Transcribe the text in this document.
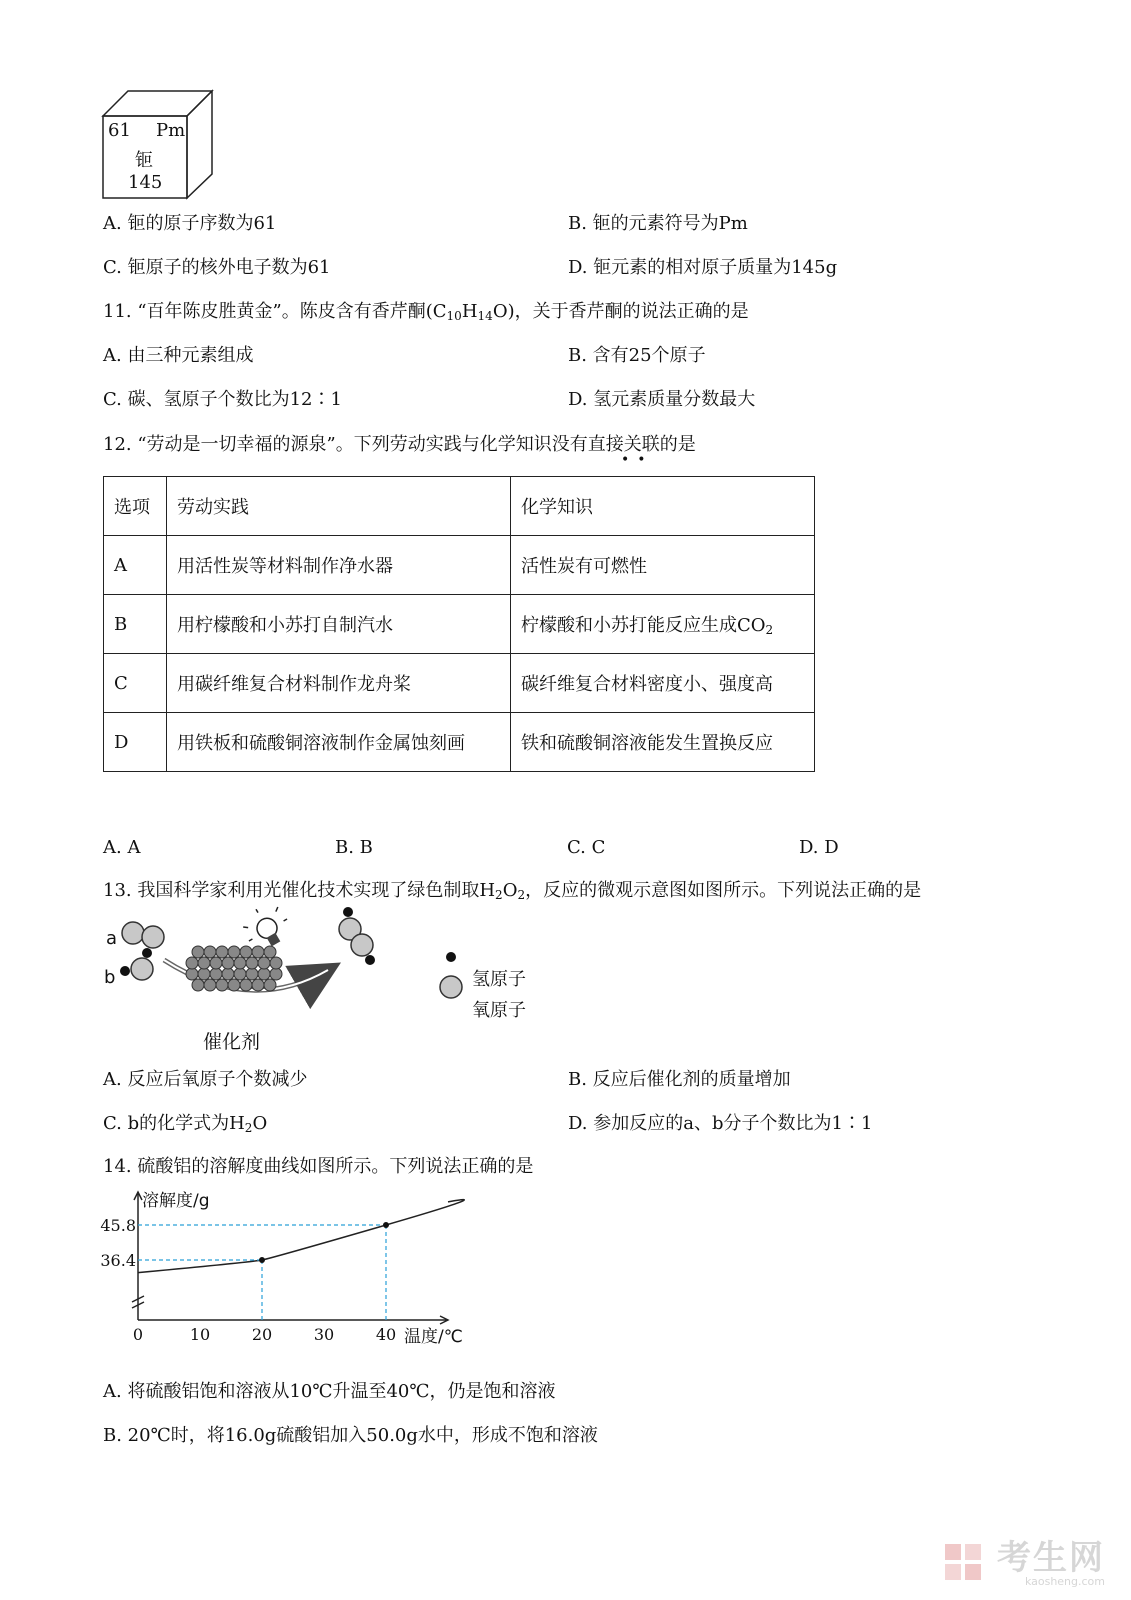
61 Pm
钷
145
A. 钷的原子序数为61	B. 钷的元素符号为Pm
C. 钷原子的核外电子数为61	D. 钷元素的相对原子质量为145g
11. “百年陈皮胜黄金”。陈皮含有香芹酮$(C_{10}H_{14}O)$，关于香芹酮的说法正确的是
A. 由三种元素组成	B. 含有25个原子
C. 碳、氢原子个数比为12∶1	D. 氢元素质量分数最大
12. “劳动是一切幸福的源泉”。下列劳动实践与化学知识没有直接关联的是
••
选项	劳动实践	化学知识
A	用活性炭等材料制作净水器	活性炭有可燃性
B	用柠檬酸和小苏打自制汽水	柠檬酸和小苏打能反应生成$CO_2$
C	用碳纤维复合材料制作龙舟桨	碳纤维复合材料密度小、强度高
D	用铁板和硫酸铜溶液制作金属蚀刻画	铁和硫酸铜溶液能发生置换反应
A. A	B. B	C. C	D. D
13. 我国科学家利用光催化技术实现了绿色制取$H_2O_2$，反应的微观示意图如图所示。下列说法正确的是
a
b
催化剂
氢原子
氧原子
A. 反应后氧原子个数减少	B. 反应后催化剂的质量增加
C. b的化学式为$H_2O$	D. 参加反应的a、b分子个数比为1∶1
14. 硫酸铝的溶解度曲线如图所示。下列说法正确的是
0	10	20	30	40
36.4
45.8
溶解度/g
温度/℃
A. 将硫酸铝饱和溶液从10℃升温至40℃，仍是饱和溶液
B. 20℃时，将16.0g硫酸铝加入50.0g水中，形成不饱和溶液
考生网
kaosheng.com
